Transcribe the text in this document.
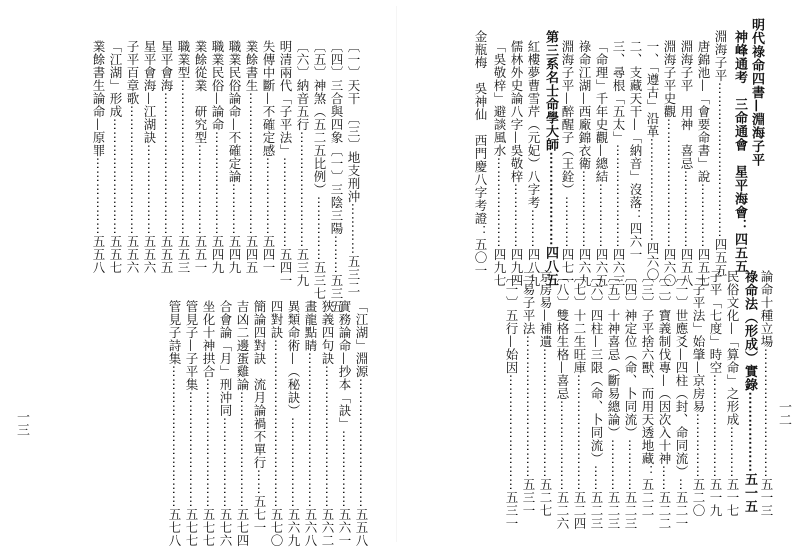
明代祿命四書—淵海子平
神峰通考　三命通會　星平海會：四五五
淵海子平⋯⋯⋯⋯⋯⋯⋯⋯⋯⋯⋯⋯四五五
唐錦池—「會要命書」說⋯⋯⋯⋯⋯四五七
淵海子平　用神　喜忌⋯⋯⋯⋯⋯⋯四五八
淵海子平史觀⋯⋯⋯⋯⋯⋯⋯⋯⋯⋯四六〇
一、「遵古」沿革⋯⋯⋯⋯⋯⋯⋯⋯四六〇
二、支藏天干—「納音」沒落：四六一
三、尋根「五太」⋯⋯⋯⋯⋯⋯⋯⋯四六三
「命理」千年史觀—總結⋯⋯⋯⋯⋯四六五
祿命江湖—西廠錦衣衛⋯⋯⋯⋯⋯⋯四六九
淵海子平—醉醒子（王銓）⋯⋯⋯⋯四七一
第三系名士命學大師⋯⋯⋯⋯⋯⋯⋯四八五
紅樓夢曹雪芹（元妃）八字考⋯⋯⋯四八九
儒林外史論八字—吳敬梓⋯⋯⋯⋯⋯四九四
「吳敬梓」避談風水⋯⋯⋯⋯⋯⋯⋯四九七
金瓶梅　吳神仙　西門慶八字考證：五〇一
〔一〕天干　〔三〕地支刑沖⋯⋯⋯⋯五三二
〔四〕三合與四象〔一〕三陰三陽⋯⋯⋯五三五
〔五〕神煞（五二五比例）⋯⋯⋯⋯⋯五三七
〔六〕納音五行⋯⋯⋯⋯⋯⋯⋯⋯⋯五三九
明清兩代「子平法」⋯⋯⋯⋯⋯⋯⋯五四一
失傳中斷—不確定感⋯⋯⋯⋯⋯⋯五四一
業餘書生⋯⋯⋯⋯⋯⋯⋯⋯⋯⋯⋯五四五
職業民俗論命—不確定論⋯⋯⋯⋯五四九
職業民俗—論命⋯⋯⋯⋯⋯⋯⋯⋯五四九
業餘從業　研究型⋯⋯⋯⋯⋯⋯⋯五五一
職業型⋯⋯⋯⋯⋯⋯⋯⋯⋯⋯⋯⋯五五三
星平會海⋯⋯⋯⋯⋯⋯⋯⋯⋯⋯⋯五五五
星平會海—江湖訣⋯⋯⋯⋯⋯⋯⋯五五六
子平百章歌⋯⋯⋯⋯⋯⋯⋯⋯⋯⋯五五六
「江湖」形成⋯⋯⋯⋯⋯⋯⋯⋯⋯五五七
業餘書生論命—原罪⋯⋯⋯⋯⋯⋯五五八
一三	論命十種立場⋯⋯⋯⋯⋯⋯⋯⋯⋯⋯五一三
祿命法（形成）實錄⋯⋯⋯⋯⋯⋯五一五
民俗文化—「算命」之形成⋯⋯⋯⋯五一七
子平「七度」時空⋯⋯⋯⋯⋯⋯⋯⋯五一九
「子平法」始肇—京房易⋯⋯⋯⋯⋯五二〇
〔一〕世應爻—四柱（封、命同流）⋯五二一
〔二〕寶義制伐專—（因次入十神⋯⋯五二二
〔三〕子平捨六獸、而用天透地藏：五二二
〔四〕神定位（命、卜同流）⋯⋯⋯⋯五二三
〔五〕十神喜忌（斷易總論）⋯⋯⋯⋯五二三
〔六〕四柱—三限（命、卜同流）⋯⋯五二三
〔七〕十二生旺庫⋯⋯⋯⋯⋯⋯⋯⋯⋯五二四
〔八〕雙格生格—喜忌⋯⋯⋯⋯⋯⋯⋯五二六
京房易—補遺⋯⋯⋯⋯⋯⋯⋯⋯⋯⋯五二七
三易子平法⋯⋯⋯⋯⋯⋯⋯⋯⋯⋯⋯五三一
〔一〕五行—始因⋯⋯⋯⋯⋯⋯⋯⋯⋯五三一
「江湖」淵源⋯⋯⋯⋯⋯⋯⋯⋯⋯⋯五五八
實務論命—抄本「訣」⋯⋯⋯⋯⋯⋯五六一
狹義四句訣⋯⋯⋯⋯⋯⋯⋯⋯⋯⋯⋯五六二
畫龍點睛⋯⋯⋯⋯⋯⋯⋯⋯⋯⋯⋯⋯五六八
異類命術—（秘訣）⋯⋯⋯⋯⋯⋯⋯五六九
四對訣⋯⋯⋯⋯⋯⋯⋯⋯⋯⋯⋯⋯⋯五七〇
簡論四對訣　流月論禍不單行⋯⋯五七一
吉凶二邊蛋雞論⋯⋯⋯⋯⋯⋯⋯⋯⋯五七四
合會論「月」刑沖同⋯⋯⋯⋯⋯⋯⋯五七六
坐化十神拱合⋯⋯⋯⋯⋯⋯⋯⋯⋯⋯五七七
管見子—子平集⋯⋯⋯⋯⋯⋯⋯⋯⋯五七七
管見子詩集⋯⋯⋯⋯⋯⋯⋯⋯⋯⋯⋯五七八	一二
